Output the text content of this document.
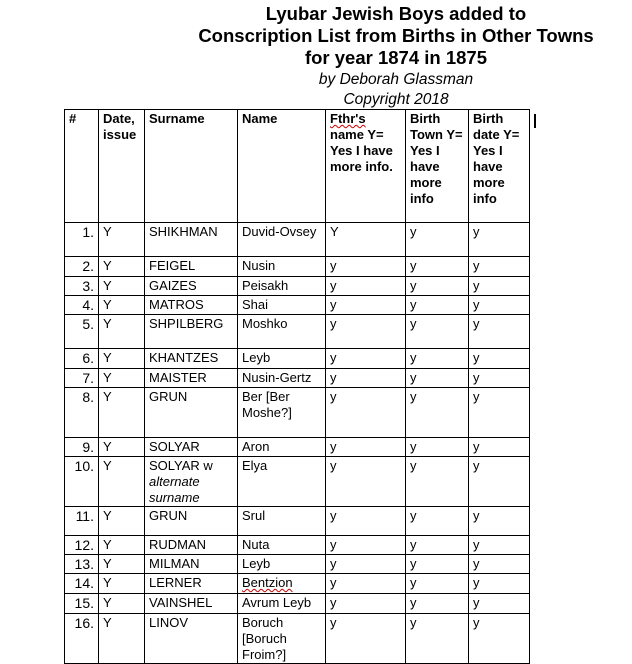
Lyubar Jewish Boys added to
Conscription List from Births in Other Towns
for year 1874 in 1875
by Deborah Glassman
Copyright 2018
#	Date, issue	Surname	Name	Fthr's name Y= Yes I have more info.	Birth Town Y= Yes I have more info	Birth date Y= Yes I have more info
1.	Y	SHIKHMAN	Duvid-Ovsey	Y	y	y
2.	Y	FEIGEL	Nusin	y	y	y
3.	Y	GAIZES	Peisakh	y	y	y
4.	Y	MATROS	Shai	y	y	y
5.	Y	SHPILBERG	Moshko	y	y	y
6.	Y	KHANTZES	Leyb	y	y	y
7.	Y	MAISTER	Nusin-Gertz	y	y	y
8.	Y	GRUN	Ber [Ber Moshe?]	y	y	y
9.	Y	SOLYAR	Aron	y	y	y
10.	Y	SOLYAR w alternate surname	Elya	y	y	y
11.	Y	GRUN	Srul	y	y	y
12.	Y	RUDMAN	Nuta	y	y	y
13.	Y	MILMAN	Leyb	y	y	y
14.	Y	LERNER	Bentzion	y	y	y
15.	Y	VAINSHEL	Avrum Leyb	y	y	y
16.	Y	LINOV	Boruch [Boruch Froim?]	y	y	y
